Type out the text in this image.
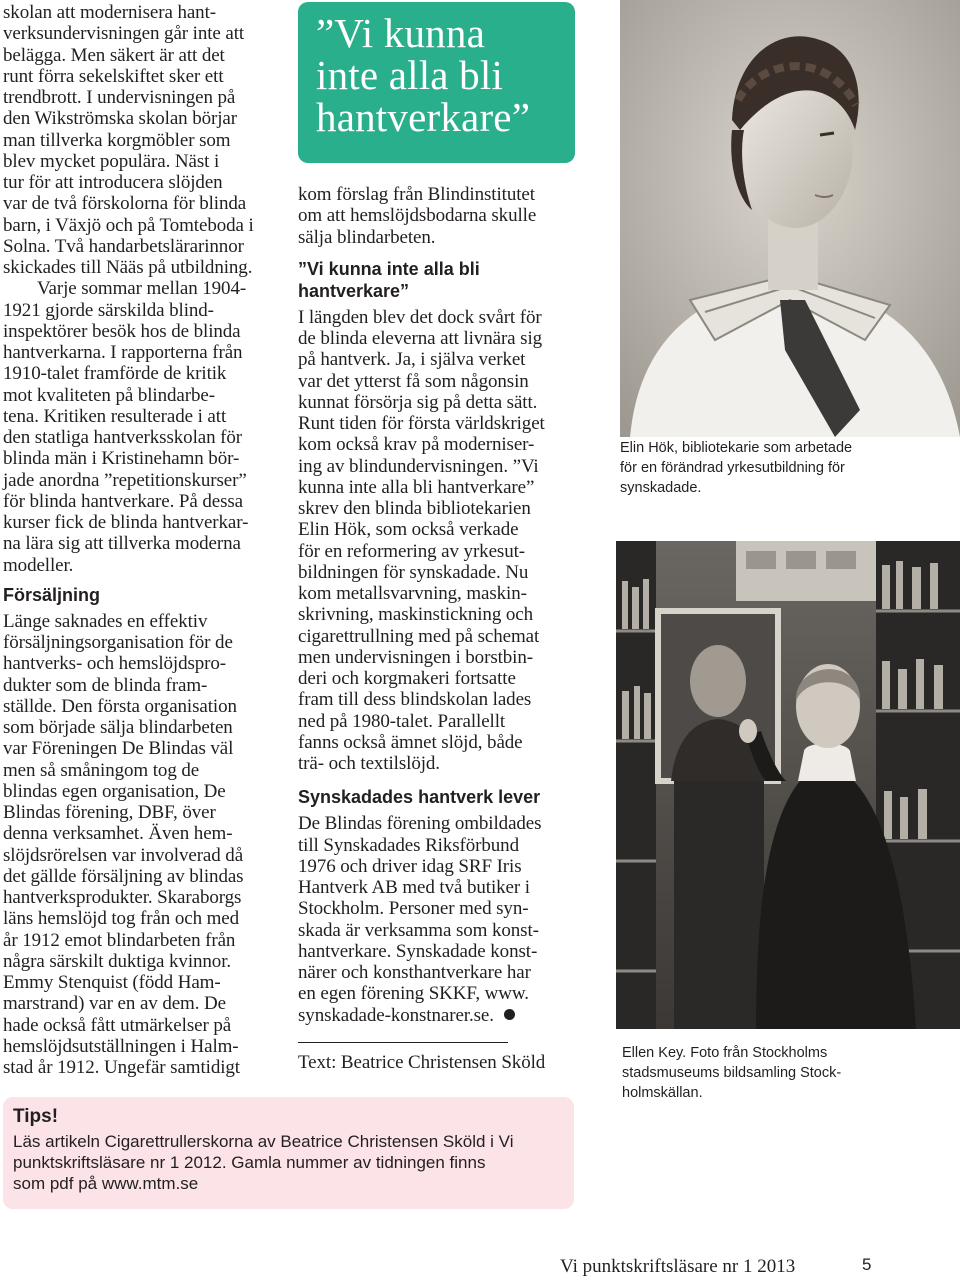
skolan att modernisera hant-
verksundervisningen går inte att
belägga. Men säkert är att det
runt förra sekelskiftet sker ett
trendbrott. I undervisningen på
den Wikströmska skolan börjar
man tillverka korgmöbler som
blev mycket populära. Näst i
tur för att introducera slöjden
var de två förskolorna för blinda
barn, i Växjö och på Tomteboda i
Solna. Två handarbetslärarinnor
skickades till Nääs på utbildning.

Varje sommar mellan 1904-
1921 gjorde särskilda blind-
inspektörer besök hos de blinda
hantverkarna. I rapporterna från
1910-talet framförde de kritik
mot kvaliteten på blindarbe-
tena. Kritiken resulterade i att
den statliga hantverksskolan för
blinda män i Kristinehamn bör-
jade anordna ”repetitionskurser”
för blinda hantverkare. På dessa
kurser fick de blinda hantverkar-
na lära sig att tillverka moderna
modeller.

Försäljning

Länge saknades en effektiv
försäljningsorganisation för de
hantverks- och hemslöjdspro-
dukter som de blinda fram-
ställde. Den första organisation
som började sälja blindarbeten
var Föreningen De Blindas väl
men så småningom tog de
blindas egen organisation, De
Blindas förening, DBF, över
denna verksamhet. Även hem-
slöjdsrörelsen var involverad då
det gällde försäljning av blindas
hantverksprodukter. Skaraborgs
läns hemslöjd tog från och med
år 1912 emot blindarbeten från
några särskilt duktiga kvinnor.
Emmy Stenquist (född Ham-
marstrand) var en av dem. De
hade också fått utmärkelser på
hemslöjdsutställningen i Halm-
stad år 1912. Ungefär samtidigt

”Vi kunna
inte alla bli
hantverkare”

kom förslag från Blindinstitutet
om att hemslöjdsbodarna skulle
sälja blindarbeten.

”Vi kunna inte alla bli
hantverkare”

I längden blev det dock svårt för
de blinda eleverna att livnära sig
på hantverk. Ja, i själva verket
var det ytterst få som någonsin
kunnat försörja sig på detta sätt.
Runt tiden för första världskriget
kom också krav på moderniser-
ing av blindundervisningen. ”Vi
kunna inte alla bli hantverkare”
skrev den blinda bibliotekarien
Elin Hök, som också verkade
för en reformering av yrkesut-
bildningen för synskadade. Nu
kom metallsvarvning, maskin-
skrivning, maskinstickning och
cigarettrullning med på schemat
men undervisningen i borstbin-
deri och korgmakeri fortsatte
fram till dess blindskolan lades
ned på 1980-talet. Parallellt
fanns också ämnet slöjd, både
trä- och textilslöjd.

Synskadades hantverk lever

De Blindas förening ombildades
till Synskadades Riksförbund
1976 och driver idag SRF Iris
Hantverk AB med två butiker i
Stockholm. Personer med syn-
skada är verksamma som konst-
hantverkare. Synskadade konst-
närer och konsthantverkare har
en egen förening SKKF, www.
synskadade-konstnarer.se.

Text: Beatrice Christensen Sköld
Tips!
Läs artikeln Cigarettrullerskorna av Beatrice Christensen Sköld i Vi
punktskriftsläsare nr 1 2012. Gamla nummer av tidningen finns
som pdf på www.mtm.se
Elin Hök, bibliotekarie som arbetade
för en förändrad yrkesutbildning för
synskadade.
Ellen Key. Foto från Stockholms
stadsmuseums bildsamling Stock-
holmskällan.
Vi punktskriftsläsare nr 1 2013	5
